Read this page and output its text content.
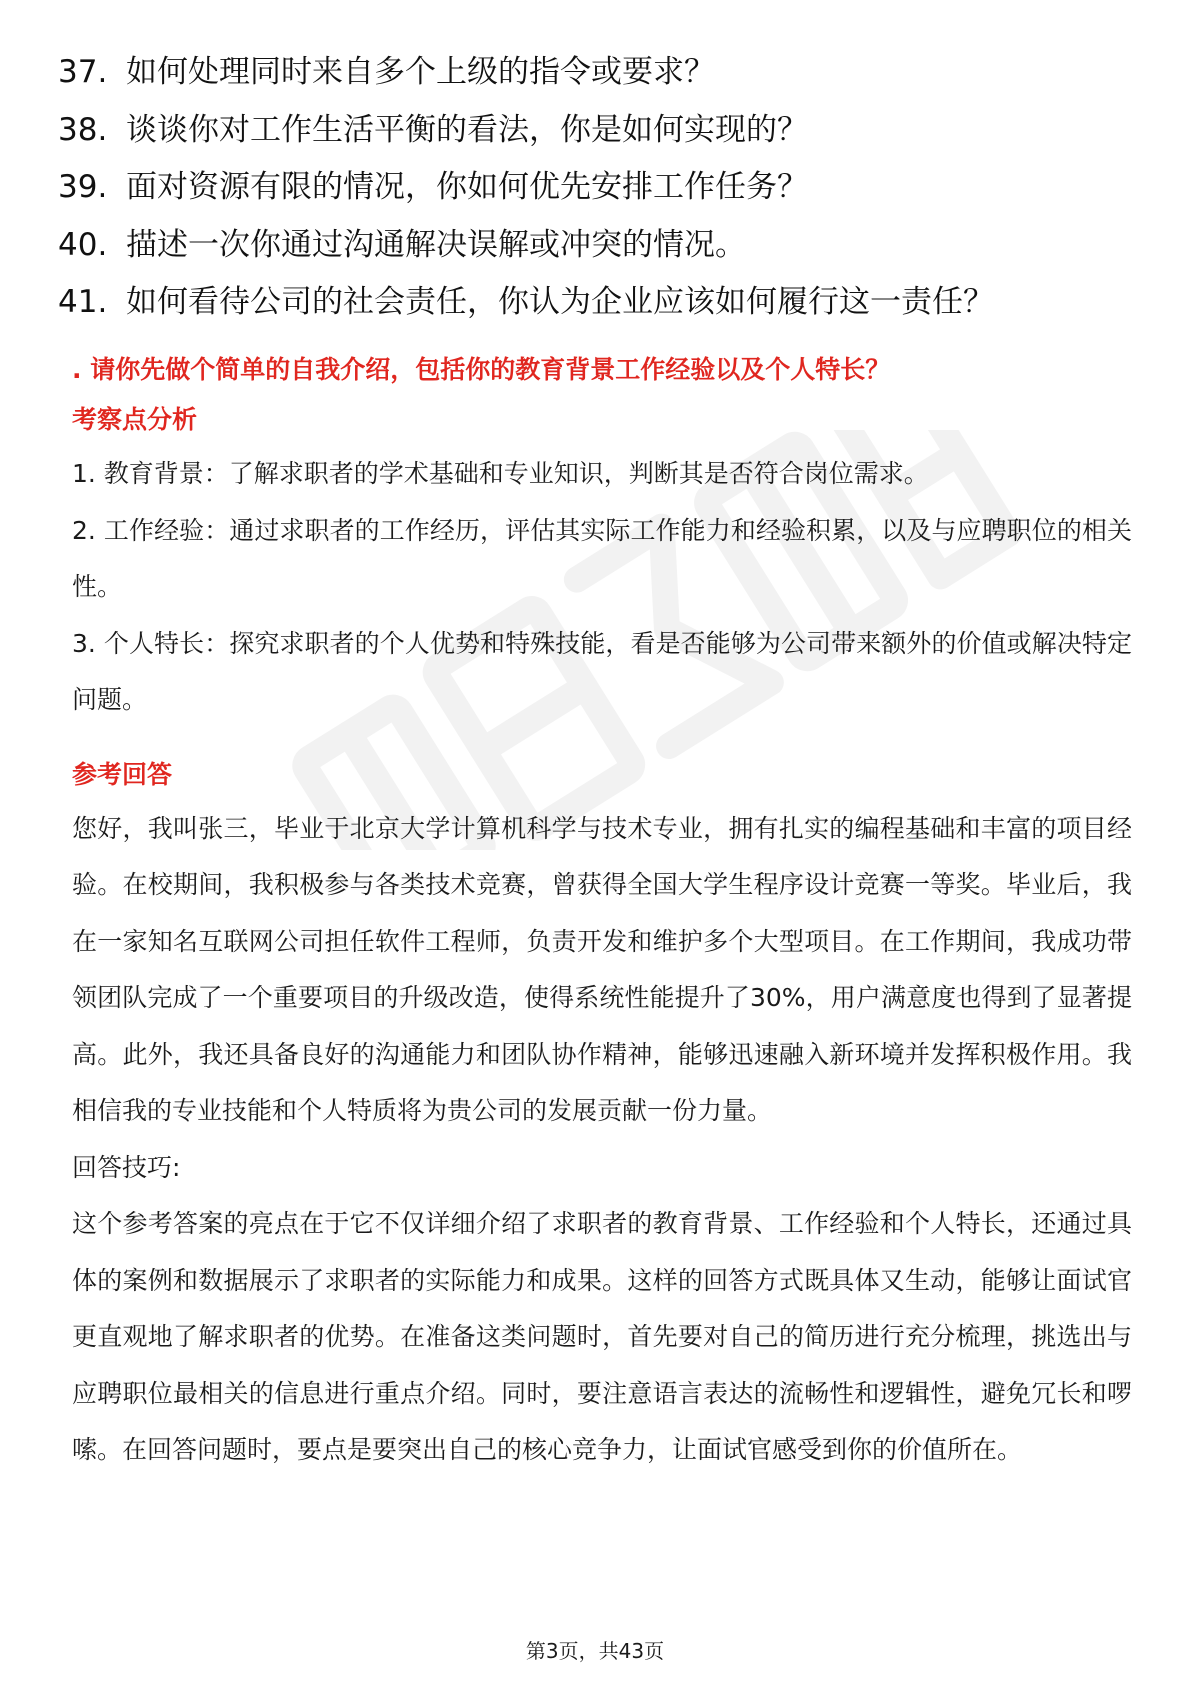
37. 如何处理同时来自多个上级的指令或要求？
38. 谈谈你对工作生活平衡的看法，你是如何实现的？
39. 面对资源有限的情况，你如何优先安排工作任务？
40. 描述一次你通过沟通解决误解或冲突的情况。
41. 如何看待公司的社会责任，你认为企业应该如何履行这一责任？
. 请你先做个简单的自我介绍，包括你的教育背景工作经验以及个人特长？
考察点分析
1. 教育背景：了解求职者的学术基础和专业知识，判断其是否符合岗位需求。
2. 工作经验：通过求职者的工作经历，评估其实际工作能力和经验积累，以及与应聘职位的相关性。
3. 个人特长：探究求职者的个人优势和特殊技能，看是否能够为公司带来额外的价值或解决特定问题。
参考回答
您好，我叫张三，毕业于北京大学计算机科学与技术专业，拥有扎实的编程基础和丰富的项目经验。在校期间，我积极参与各类技术竞赛，曾获得全国大学生程序设计竞赛一等奖。毕业后，我在一家知名互联网公司担任软件工程师，负责开发和维护多个大型项目。在工作期间，我成功带领团队完成了一个重要项目的升级改造，使得系统性能提升了30%，用户满意度也得到了显著提高。此外，我还具备良好的沟通能力和团队协作精神，能够迅速融入新环境并发挥积极作用。我相信我的专业技能和个人特质将为贵公司的发展贡献一份力量。
回答技巧:
这个参考答案的亮点在于它不仅详细介绍了求职者的教育背景、工作经验和个人特长，还通过具体的案例和数据展示了求职者的实际能力和成果。这样的回答方式既具体又生动，能够让面试官更直观地了解求职者的优势。在准备这类问题时，首先要对自己的简历进行充分梳理，挑选出与应聘职位最相关的信息进行重点介绍。同时，要注意语言表达的流畅性和逻辑性，避免冗长和啰嗦。在回答问题时，要点是要突出自己的核心竞争力，让面试官感受到你的价值所在。
第3页，共43页
